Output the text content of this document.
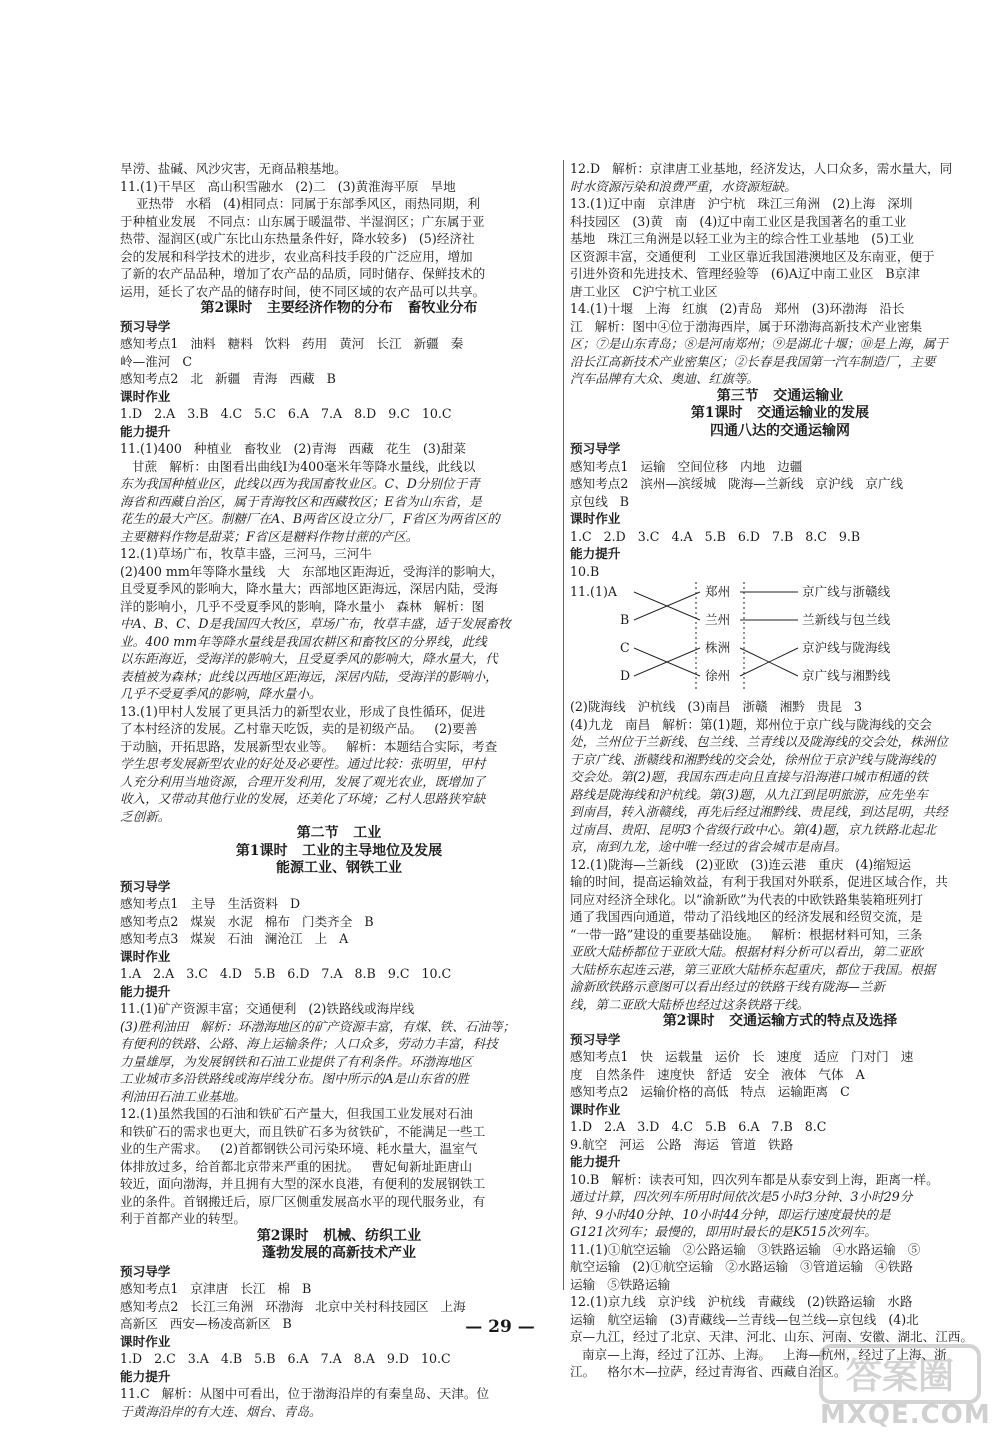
旱涝、盐碱、风沙灾害，无商品粮基地。
11.(1)干旱区   高山积雪融水   (2)二   (3)黄淮海平原   旱地
亚热带   水稻   (4)相同点：同属于东部季风区，雨热同期，利
于种植业发展   不同点：山东属于暖温带、半湿润区；广东属于亚
热带、湿润区(或广东比山东热量条件好，降水较多)   (5)经济社
会的发展和科学技术的进步，农业高科技手段的广泛应用，增加
了新的农产品品种，增加了农产品的品质，同时储存、保鲜技术的
运用，延长了农产品的储存时间，使不同区域的农产品可以共享。
第2课时   主要经济作物的分布   畜牧业分布
预习导学
感知考点1   油料   糖料   饮料   药用   黄河   长江   新疆   秦
岭—淮河   C
感知考点2   北   新疆   青海   西藏   B
课时作业
1.D   2.A   3.B   4.C   5.C   6.A   7.A   8.D   9.C   10.C
能力提升
11.(1)400   种植业   畜牧业   (2)青海   西藏   花生   (3)甜菜
甘蔗   解析：由图看出曲线Ⅰ为400毫米年等降水量线，此线以
东为我国种植业区，此线以西为我国畜牧业区。C、D分别位于青
海省和西藏自治区，属于青海牧区和西藏牧区；E省为山东省，是
花生的最大产区。制糖厂在A、B两省区设立分厂，F省区为两省区的
主要糖料作物是甜菜；F省区是糖料作物甘蔗的产区。
12.(1)草场广布，牧草丰盛，三河马，三河牛
(2)400 mm年等降水量线   大   东部地区距海近，受海洋的影响大，
且受夏季风的影响大，降水量大；西部地区距海远，深居内陆，受海
洋的影响小，几乎不受夏季风的影响，降水量小   森林   解析：图
中A、B、C、D是我国四大牧区，草场广布，牧草丰盛，适于发展畜牧
业。400 mm年等降水量线是我国农耕区和畜牧区的分界线，此线
以东距海近，受海洋的影响大，且受夏季风的影响大，降水量大，代
表植被为森林；此线以西地区距海远，深居内陆，受海洋的影响小，
几乎不受夏季风的影响，降水量小。
13.(1)甲村人发展了更具活力的新型农业，形成了良性循环，促进
了本村经济的发展。乙村靠天吃饭，卖的是初级产品。   (2)要善
于动脑，开拓思路，发展新型农业等。   解析：本题结合实际，考查
学生思考发展新型农业的好处及必要性。通过比较：张明里，甲村
人充分利用当地资源，合理开发利用，发展了观光农业，既增加了
收入，又带动其他行业的发展，还美化了环境；乙村人思路狭窄缺
乏创新。
第二节   工业
第1课时   工业的主导地位及发展
能源工业、钢铁工业
预习导学
感知考点1   主导   生活资料   D
感知考点2   煤炭   水泥   棉布   门类齐全   B
感知考点3   煤炭   石油   澜沧江   上   A
课时作业
1.A   2.A   3.C   4.D   5.B   6.D   7.A   8.B   9.C   10.C
能力提升
11.(1)矿产资源丰富；交通便利   (2)铁路线或海岸线
(3)胜利油田   解析：环渤海地区的矿产资源丰富，有煤、铁、石油等；
有便利的铁路、公路、海上运输条件；人口众多，劳动力丰富，科技
力量雄厚，为发展钢铁和石油工业提供了有利条件。环渤海地区
工业城市多沿铁路线或海岸线分布。图中所示的A是山东省的胜
利油田石油工业基地。
12.(1)虽然我国的石油和铁矿石产量大，但我国工业发展对石油
和铁矿石的需求也更大，而且铁矿石多为贫铁矿，不能满足一些工
业的生产需求。   (2)首都钢铁公司污染环境、耗水量大，温室气
体排放过多，给首都北京带来严重的困扰。   曹妃甸新址距唐山
较近，面向渤海，并且拥有大型的深水良港，有便利的发展钢铁工
业的条件。首钢搬迁后，原厂区侧重发展高水平的现代服务业，有
利于首都产业的转型。
第2课时   机械、纺织工业
蓬勃发展的高新技术产业
预习导学
感知考点1   京津唐   长江   棉   B
感知考点2   长江三角洲   环渤海   北京中关村科技园区   上海
高新区   西安—杨凌高新区   B
课时作业
1.D   2.C   3.A   4.B   5.B   6.A   7.A   8.A   9.D   10.C
能力提升
11.C   解析：从图中可看出，位于渤海沿岸的有秦皇岛、天津。位
于黄海沿岸的有大连、烟台、青岛。
12.D   解析：京津唐工业基地，经济发达，人口众多，需水量大，同
时水资源污染和浪费严重，水资源短缺。
13.(1)辽中南   京津唐   沪宁杭   珠江三角洲   (2)上海   深圳
科技园区   (3)黄   南   (4)辽中南工业区是我国著名的重工业
基地   珠江三角洲是以轻工业为主的综合性工业基地   (5)工业
区资源丰富，交通便利   工业区靠近我国港澳地区及东南亚，便于
引进外资和先进技术、管理经验等   (6)A辽中南工业区   B京津
唐工业区   C沪宁杭工业区
14.(1)十堰   上海   红旗   (2)青岛   郑州   (3)环渤海   沿长
江   解析：图中④位于渤海西岸，属于环渤海高新技术产业密集
区；⑦是山东青岛；⑧是河南郑州；⑨是湖北十堰；⑩是上海，属于
沿长江高新技术产业密集区；②长春是我国第一汽车制造厂，主要
汽车品牌有大众、奥迪、红旗等。
第三节   交通运输业
第1课时   交通运输业的发展
四通八达的交通运输网
预习导学
感知考点1   运输   空间位移   内地   边疆
感知考点2   滨州—滨绥城   陇海—兰新线   京沪线   京广线
京包线   B
课时作业
1.C   2.D   3.C   4.A   5.B   6.D   7.B   8.C   9.B
能力提升
10.B
11.(1)A
B
C
D
郑州
兰州
株洲
徐州
京广线与浙赣线
兰新线与包兰线
京沪线与陇海线
京广线与湘黔线
(2)陇海线   沪杭线   (3)南昌   浙赣   湘黔   贵昆   3
(4)九龙   南昌   解析：第(1)题，郑州位于京广线与陇海线的交会
处，兰州位于兰新线、包兰线、兰青线以及陇海线的交会处，株洲位
于京广线、浙赣线和湘黔线的交会处，徐州位于京沪线与陇海线的
交会处。第(2)题，我国东西走向且直接与沿海港口城市相通的铁
路线是陇海线和沪杭线。第(3)题，从九江到昆明旅游，应先坐车
到南昌，转入浙赣线，再先后经过湘黔线、贵昆线，到达昆明，共经
过南昌、贵阳、昆明3个省级行政中心。第(4)题，京九铁路北起北
京，南到九龙，途中唯一经过的省会城市是南昌。
12.(1)陇海—兰新线   (2)亚欧   (3)连云港   重庆   (4)缩短运
输的时间，提高运输效益，有利于我国对外联系，促进区域合作，共
同应对经济全球化。以“渝新欧”为代表的中欧铁路集装箱班列打
通了我国西向通道，带动了沿线地区的经济发展和经贸交流，是
“一带一路”建设的重要基础设施。   解析：根据材料可知，三条
亚欧大陆桥都位于亚欧大陆。根据材料分析可以看出，第二亚欧
大陆桥东起连云港，第三亚欧大陆桥东起重庆，都位于我国。根据
渝新欧铁路示意图可以看出经过的铁路干线有陇海—兰新
线，第二亚欧大陆桥也经过这条铁路干线。
第2课时   交通运输方式的特点及选择
预习导学
感知考点1   快   运载量   运价   长   速度   适应   门对门   速
度   自然条件   速度快   舒适   安全   液体   气体   A
感知考点2   运输价格的高低   特点   运输距离   C
课时作业
1.D   2.A   3.D   4.C   5.B   6.A   7.B   8.C
9.航空   河运   公路   海运   管道   铁路
能力提升
10.B   解析：读表可知，四次列车都是从泰安到上海，距离一样。
通过计算，四次列车所用时间依次是5小时3分钟、3小时29分
钟、9小时40分钟、10小时44分钟，即运行速度最快的是
G121次列车；最慢的，即用时最长的是K515次列车。
11.(1)①航空运输   ②公路运输   ③铁路运输   ④水路运输   ⑤
航空运输   (2)①航空运输   ②水路运输   ③管道运输   ④铁路
运输   ⑤铁路运输
12.(1)京九线   京沪线   沪杭线   青藏线   (2)铁路运输   水路
运输   航空运输   (3)青藏线—兰青线—包兰线—京包线   (4)北
京—九江，经过了北京、天津、河北、山东、河南、安徽、湖北、江西。
南京—上海，经过了江苏、上海。   上海—杭州，经过了上海、浙
江。   格尔木—拉萨，经过青海省、西藏自治区。
— 29 —
答案圈
MXQE.COM
